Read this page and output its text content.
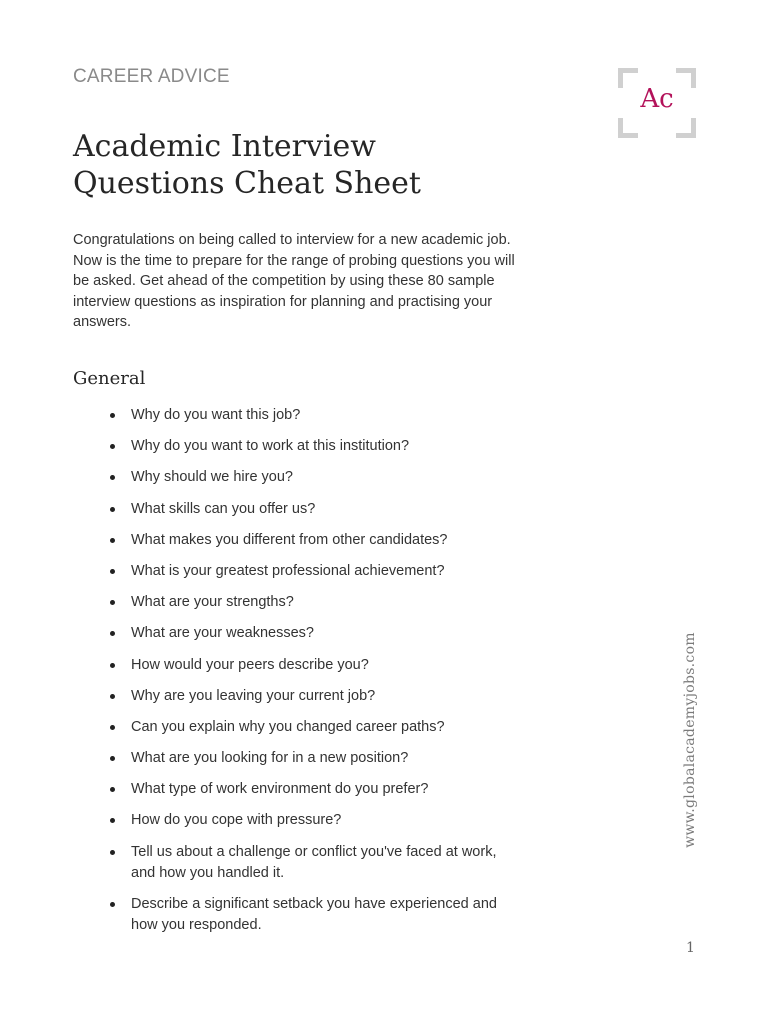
CAREER ADVICE
Ac
Academic Interview
Questions Cheat Sheet

Congratulations on being called to interview for a new academic job. Now is the time to prepare for the range of probing questions you will be asked. Get ahead of the competition by using these 80 sample interview questions as inspiration for planning and practising your answers.

General
Why do you want this job?
Why do you want to work at this institution?
Why should we hire you?
What skills can you offer us?
What makes you different from other candidates?
What is your greatest professional achievement?
What are your strengths?
What are your weaknesses?
How would your peers describe you?
Why are you leaving your current job?
Can you explain why you changed career paths?
What are you looking for in a new position?
What type of work environment do you prefer?
How do you cope with pressure?
Tell us about a challenge or conflict you've faced at work, and how you handled it.
Describe a significant setback you have experienced and how you responded.
www.globalacademyjobs.com
1
